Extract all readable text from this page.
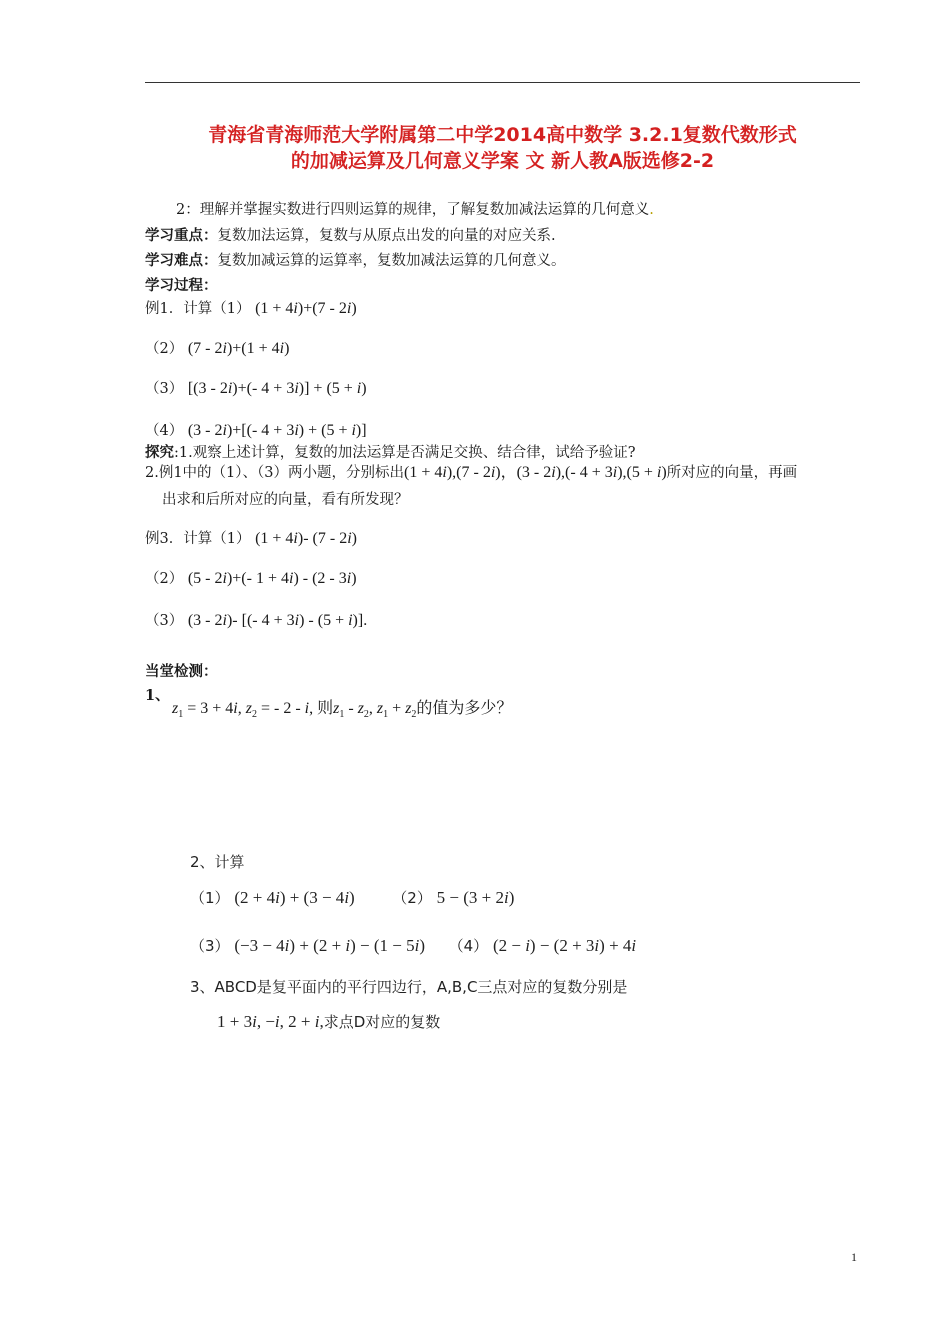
青海省青海师范大学附属第二中学2014高中数学 3.2.1复数代数形式
的加减运算及几何意义学案 文 新人教A版选修2-2
2：理解并掌握实数进行四则运算的规律，了解复数加减法运算的几何意义.
学习重点：复数加法运算，复数与从原点出发的向量的对应关系.
学习难点：复数加减运算的运算率，复数加减法运算的几何意义。
学习过程：
例1．计算（1） (1 + 4i)+(7 - 2i)
（2） (7 - 2i)+(1 + 4i)
（3） [(3 - 2i)+(- 4 + 3i)] + (5 + i)
（4） (3 - 2i)+[(- 4 + 3i) + (5 + i)]
探究:1.观察上述计算，复数的加法运算是否满足交换、结合律，试给予验证?
2.例1中的（1）、（3）两小题，分别标出(1 + 4i),(7 - 2i)，(3 - 2i),(- 4 + 3i),(5 + i)所对应的向量，再画
出求和后所对应的向量，看有所发现？
例3．计算（1） (1 + 4i)- (7 - 2i)
（2） (5 - 2i)+(- 1 + 4i) - (2 - 3i)
（3） (3 - 2i)- [(- 4 + 3i) - (5 + i)].
当堂检测：
1、
$z_1 = 3 + 4i$, $z_2$ = - 2 - i, 则$z_1 - z_2$, $z_1 + z_2$的值为多少？
2、计算
（1） (2 + 4i) + (3 − 4i)	（2） 5 − (3 + 2i)
（3） (−3 − 4i) + (2 + i) − (1 − 5i) （4） (2 − i) − (2 + 3i) + 4i
3、ABCD是复平面内的平行四边行，A,B,C三点对应的复数分别是
1 + 3i, −i, 2 + i,求点D对应的复数
1
